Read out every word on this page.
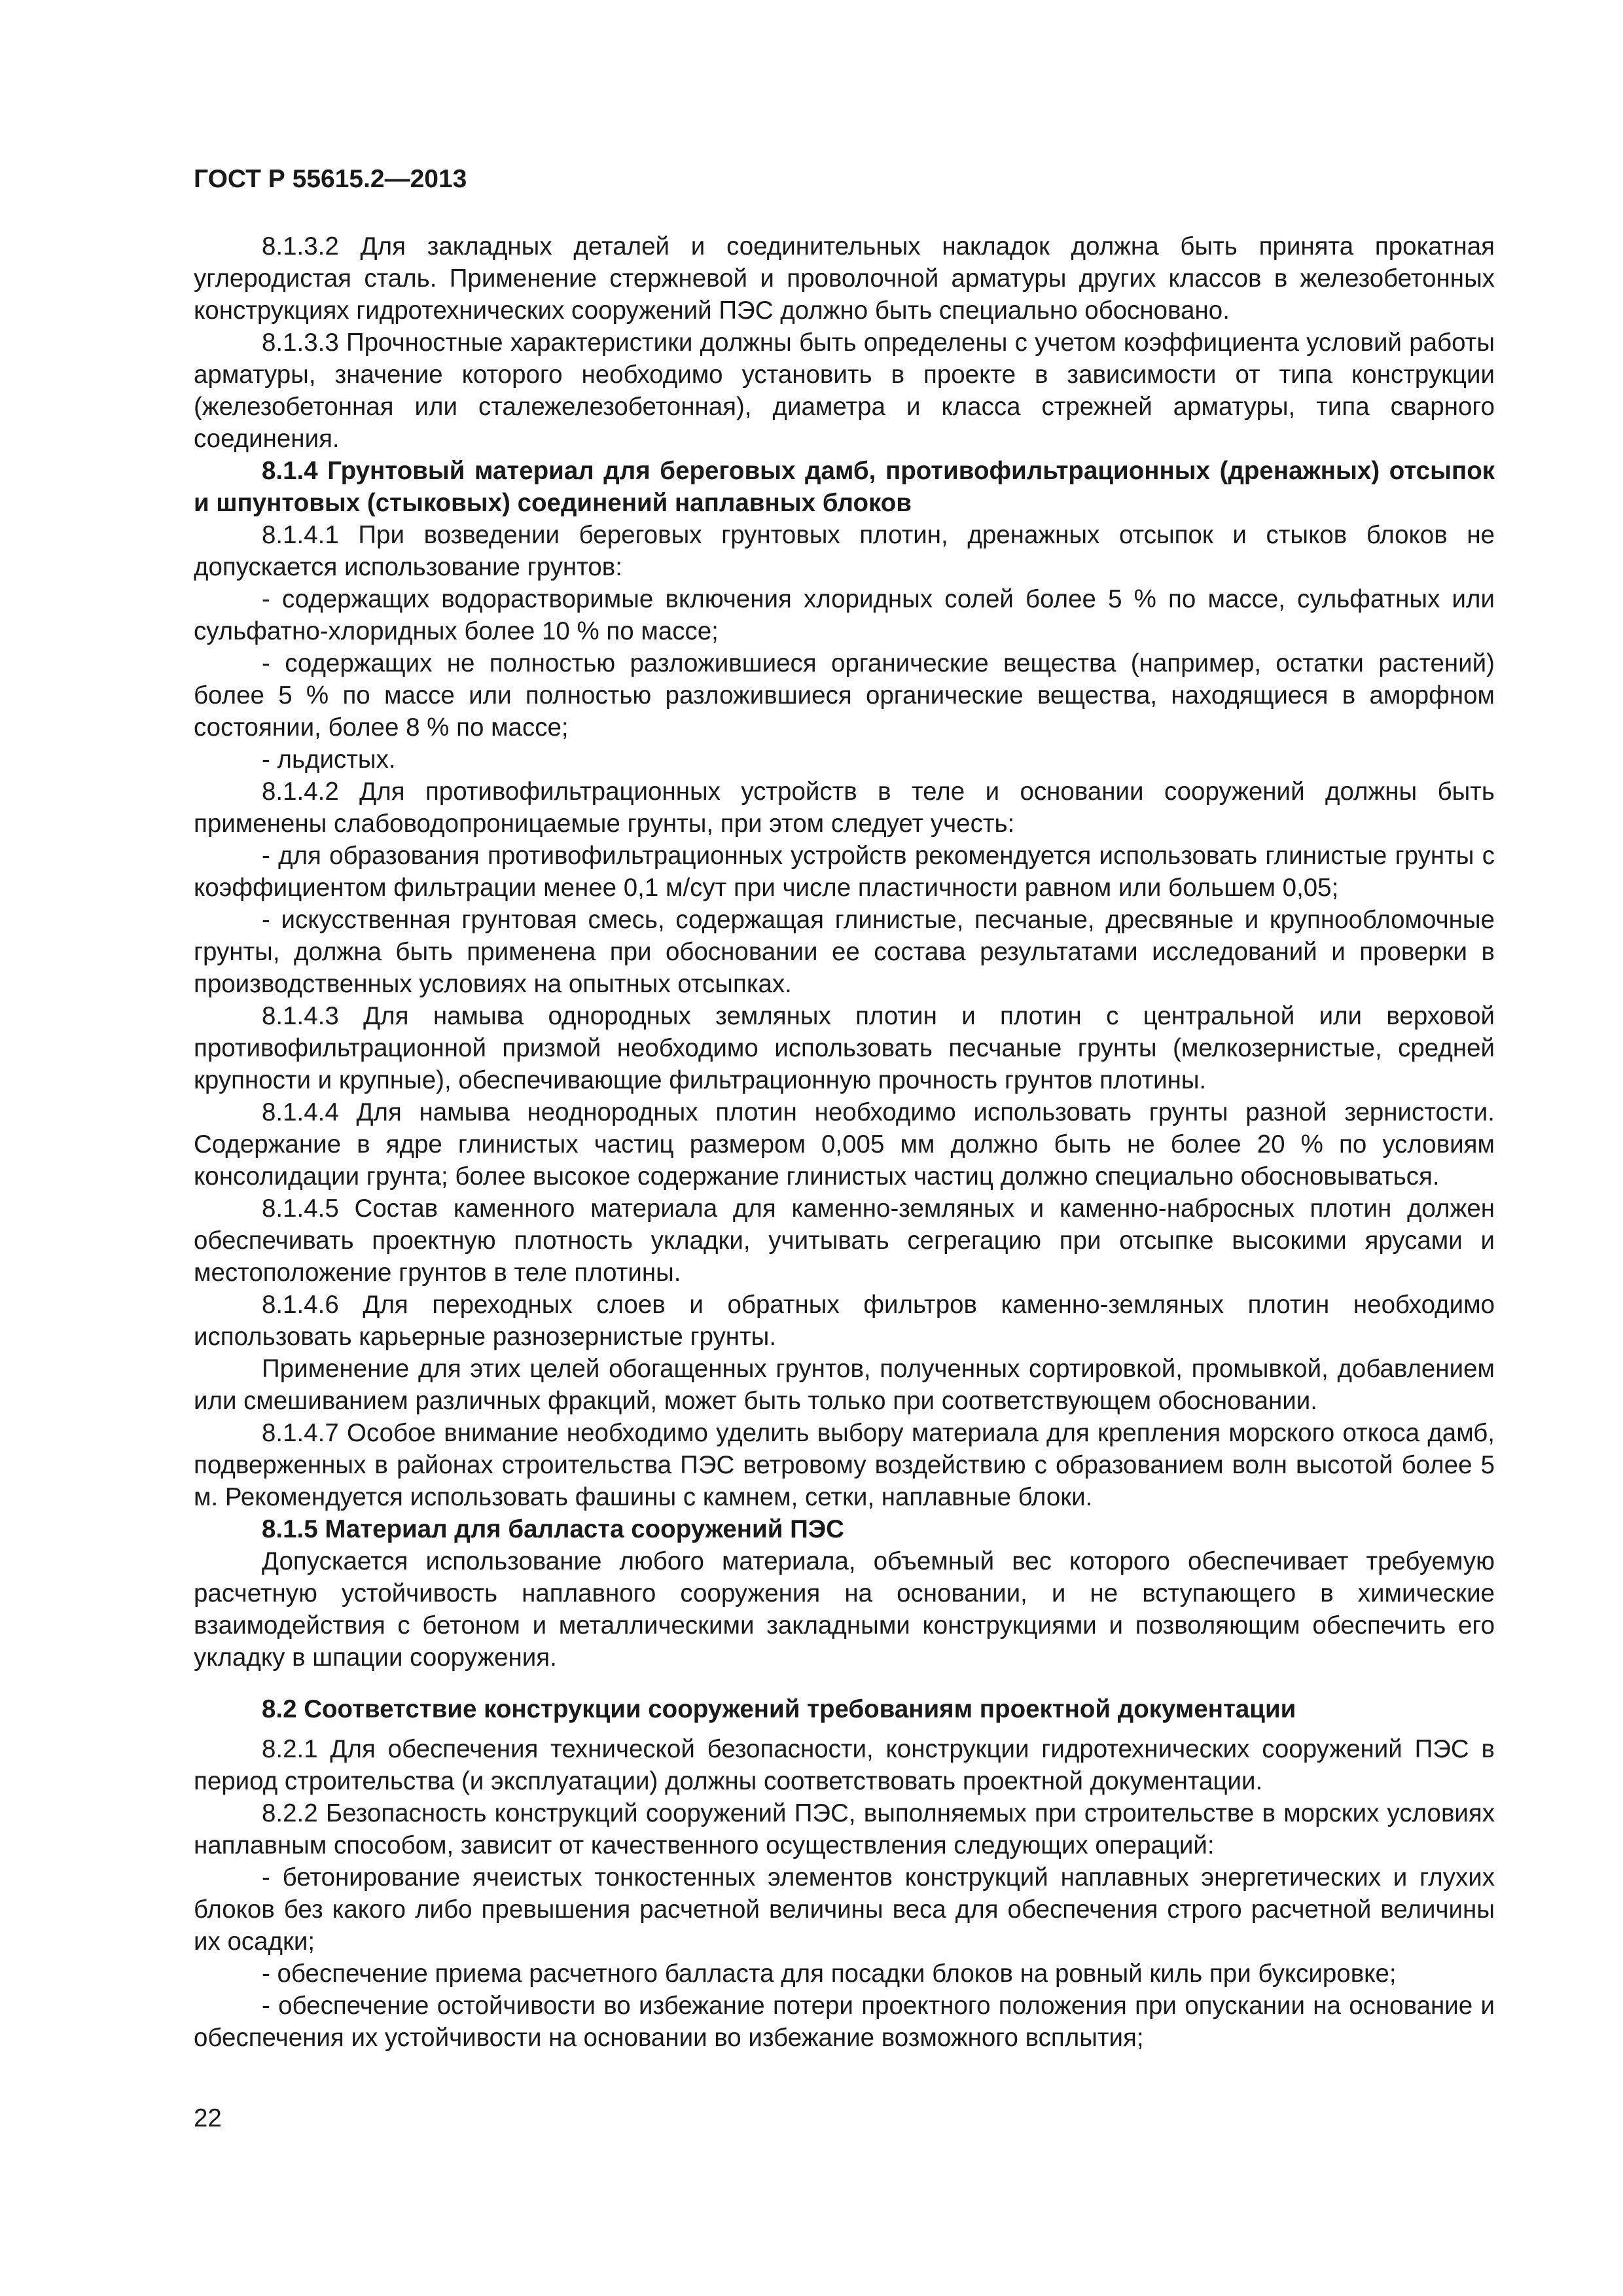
ГОСТ Р 55615.2—2013

8.1.3.2 Для закладных деталей и соединительных накладок должна быть принята прокатная углеродистая сталь. Применение стержневой и проволочной арматуры других классов в железобетонных конструкциях гидротехнических сооружений ПЭС должно быть специально обосновано.

8.1.3.3 Прочностные характеристики должны быть определены с учетом коэффициента условий работы арматуры, значение которого необходимо установить в проекте в зависимости от типа конструкции (железобетонная или сталежелезобетонная), диаметра и класса стрежней арматуры, типа сварного соединения.

8.1.4 Грунтовый материал для береговых дамб, противофильтрационных (дренажных) отсыпок и шпунтовых (стыковых) соединений наплавных блоков

8.1.4.1 При возведении береговых грунтовых плотин, дренажных отсыпок и стыков блоков не допускается использование грунтов:

- содержащих водорастворимые включения хлоридных солей более 5 % по массе, сульфатных или сульфатно-хлоридных более 10 % по массе;

- содержащих не полностью разложившиеся органические вещества (например, остатки растений) более 5 % по массе или полностью разложившиеся органические вещества, находящиеся в аморфном состоянии, более 8 % по массе;

- льдистых.

8.1.4.2 Для противофильтрационных устройств в теле и основании сооружений должны быть применены слабоводопроницаемые грунты, при этом следует учесть:

- для образования противофильтрационных устройств рекомендуется использовать глинистые грунты с коэффициентом фильтрации менее 0,1 м/сут при числе пластичности равном или большем 0,05;

- искусственная грунтовая смесь, содержащая глинистые, песчаные, дресвяные и крупнообломочные грунты, должна быть применена при обосновании ее состава результатами исследований и проверки в производственных условиях на опытных отсыпках.

8.1.4.3 Для намыва однородных земляных плотин и плотин с центральной или верховой противофильтрационной призмой необходимо использовать песчаные грунты (мелкозернистые, средней крупности и крупные), обеспечивающие фильтрационную прочность грунтов плотины.

8.1.4.4 Для намыва неоднородных плотин необходимо использовать грунты разной зернистости. Содержание в ядре глинистых частиц размером 0,005 мм должно быть не более 20 % по условиям консолидации грунта; более высокое содержание глинистых частиц должно специально обосновываться.

8.1.4.5 Состав каменного материала для каменно-земляных и каменно-набросных плотин должен обеспечивать проектную плотность укладки, учитывать сегрегацию при отсыпке высокими ярусами и местоположение грунтов в теле плотины.

8.1.4.6 Для переходных слоев и обратных фильтров каменно-земляных плотин необходимо использовать карьерные разнозернистые грунты.

Применение для этих целей обогащенных грунтов, полученных сортировкой, промывкой, добавлением или смешиванием различных фракций, может быть только при соответствующем обосновании.

8.1.4.7 Особое внимание необходимо уделить выбору материала для крепления морского откоса дамб, подверженных в районах строительства ПЭС ветровому воздействию с образованием волн высотой более 5 м. Рекомендуется использовать фашины с камнем, сетки, наплавные блоки.

8.1.5 Материал для балласта сооружений ПЭС

Допускается использование любого материала, объемный вес которого обеспечивает требуемую расчетную устойчивость наплавного сооружения на основании, и не вступающего в химические взаимодействия с бетоном и металлическими закладными конструкциями и позволяющим обеспечить его укладку в шпации сооружения.

8.2 Соответствие конструкции сооружений требованиям проектной документации

8.2.1 Для обеспечения технической безопасности, конструкции гидротехнических сооружений ПЭС в период строительства (и эксплуатации) должны соответствовать проектной документации.

8.2.2 Безопасность конструкций сооружений ПЭС, выполняемых при строительстве в морских условиях наплавным способом, зависит от качественного осуществления следующих операций:

- бетонирование ячеистых тонкостенных элементов конструкций наплавных энергетических и глухих блоков без какого либо превышения расчетной величины веса для обеспечения строго расчетной величины их осадки;

- обеспечение приема расчетного балласта для посадки блоков на ровный киль при буксировке;

- обеспечение остойчивости во избежание потери проектного положения при опускании на основание и обеспечения их устойчивости на основании во избежание возможного всплытия;

22
